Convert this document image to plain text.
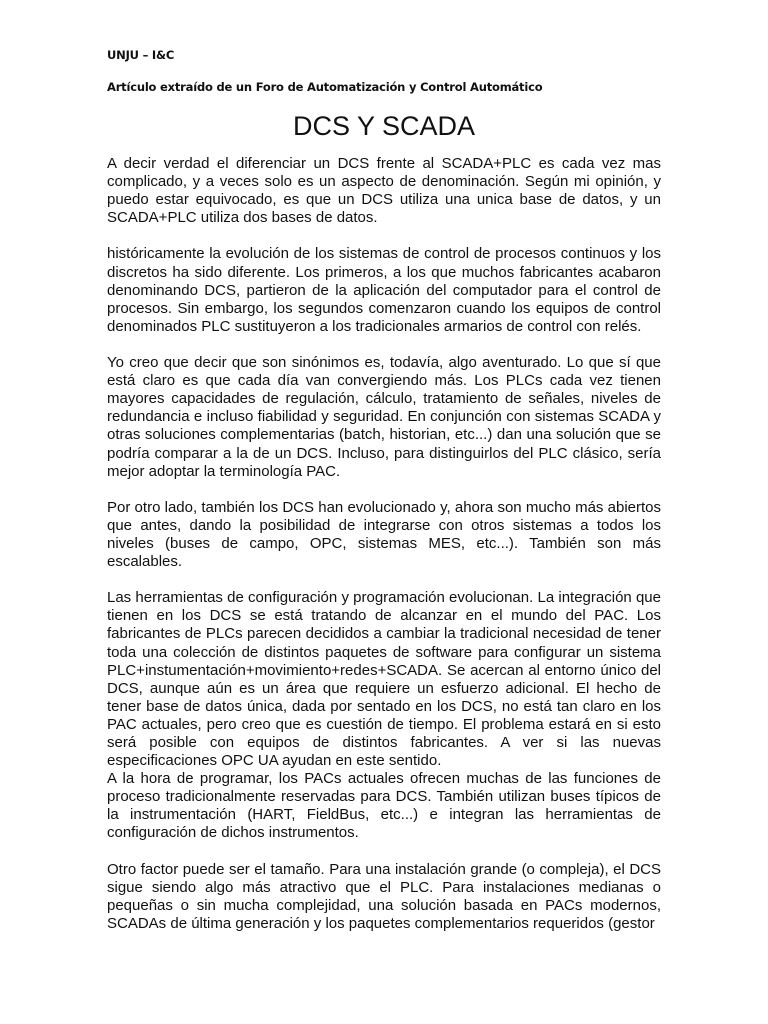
UNJU – I&C
Artículo extraído de un Foro de Automatización y Control Automático
DCS Y SCADA

A decir verdad el diferenciar un DCS frente al SCADA+PLC es cada vez mas complicado, y a veces solo es un aspecto de denominación. Según mi opinión, y puedo estar equivocado, es que un DCS utiliza una unica base de datos, y un SCADA+PLC utiliza dos bases de datos.

históricamente la evolución de los sistemas de control de procesos continuos y los discretos ha sido diferente. Los primeros, a los que muchos fabricantes acabaron denominando DCS, partieron de la aplicación del computador para el control de procesos. Sin embargo, los segundos comenzaron cuando los equipos de control denominados PLC sustituyeron a los tradicionales armarios de control con relés.

Yo creo que decir que son sinónimos es, todavía, algo aventurado. Lo que sí que está claro es que cada día van convergiendo más. Los PLCs cada vez tienen mayores capacidades de regulación, cálculo, tratamiento de señales, niveles de redundancia e incluso fiabilidad y seguridad. En conjunción con sistemas SCADA y otras soluciones complementarias (batch, historian, etc...) dan una solución que se podría comparar a la de un DCS. Incluso, para distinguirlos del PLC clásico, sería mejor adoptar la terminología PAC.

Por otro lado, también los DCS han evolucionado y, ahora son mucho más abiertos que antes, dando la posibilidad de integrarse con otros sistemas a todos los niveles (buses de campo, OPC, sistemas MES, etc...). También son más escalables.

Las herramientas de configuración y programación evolucionan. La integración que tienen en los DCS se está tratando de alcanzar en el mundo del PAC. Los fabricantes de PLCs parecen decididos a cambiar la tradicional necesidad de tener toda una colección de distintos paquetes de software para configurar un sistema PLC+instumentación+movimiento+redes+SCADA. Se acercan al entorno único del DCS, aunque aún es un área que requiere un esfuerzo adicional. El hecho de tener base de datos única, dada por sentado en los DCS, no está tan claro en los PAC actuales, pero creo que es cuestión de tiempo. El problema estará en si esto será posible con equipos de distintos fabricantes. A ver si las nuevas especificaciones OPC UA ayudan en este sentido.

A la hora de programar, los PACs actuales ofrecen muchas de las funciones de proceso tradicionalmente reservadas para DCS. También utilizan buses típicos de la instrumentación (HART, FieldBus, etc...) e integran las herramientas de configuración de dichos instrumentos.

Otro factor puede ser el tamaño. Para una instalación grande (o compleja), el DCS sigue siendo algo más atractivo que el PLC. Para instalaciones medianas o pequeñas o sin mucha complejidad, una solución basada en PACs modernos, SCADAs de última generación y los paquetes complementarios requeridos (gestor
